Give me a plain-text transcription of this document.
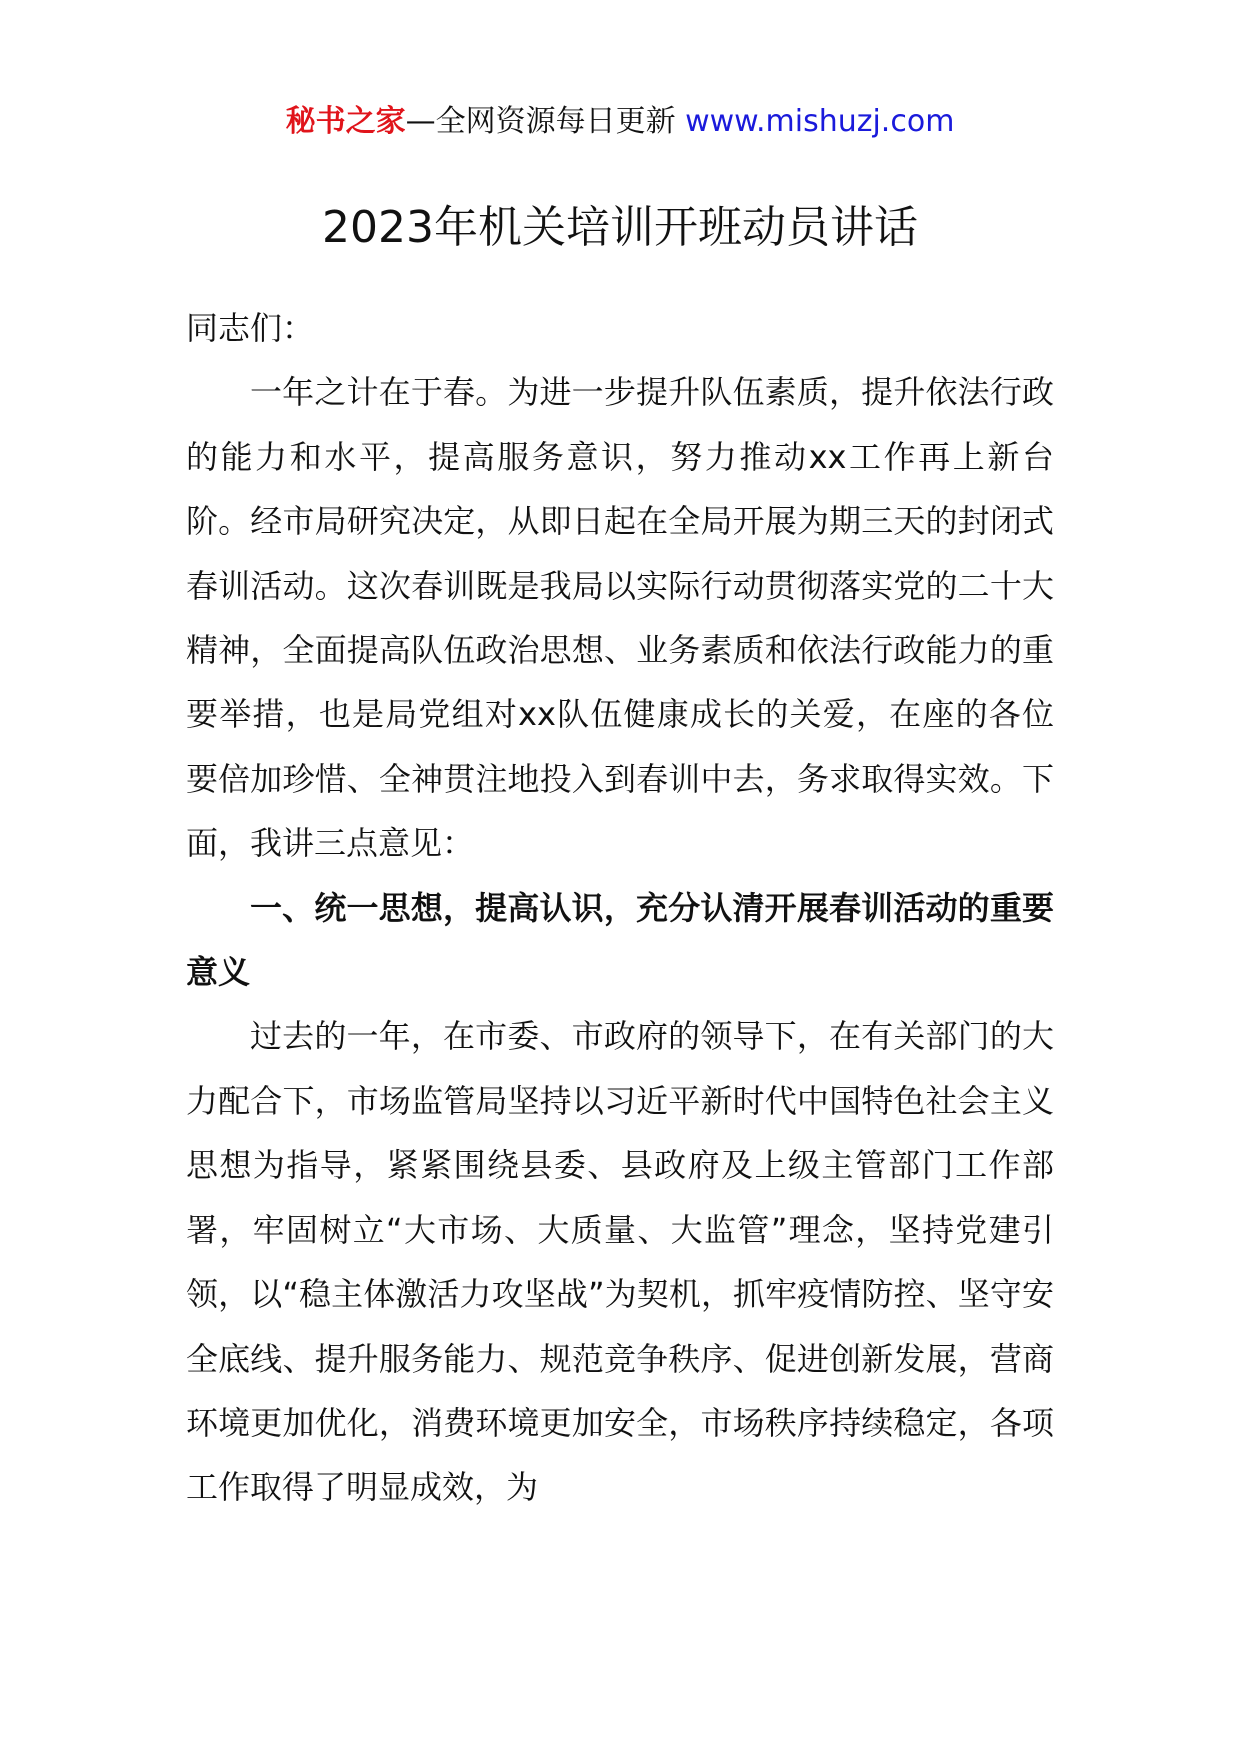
秘书之家—全网资源每日更新 www.mishuzj.com
2023年机关培训开班动员讲话

同志们：

一年之计在于春。为进一步提升队伍素质，提升依法行政的能力和水平，提高服务意识，努力推动xx工作再上新台阶。经市局研究决定，从即日起在全局开展为期三天的封闭式春训活动。这次春训既是我局以实际行动贯彻落实党的二十大精神，全面提高队伍政治思想、业务素质和依法行政能力的重要举措，也是局党组对xx队伍健康成长的关爱，在座的各位要倍加珍惜、全神贯注地投入到春训中去，务求取得实效。下面，我讲三点意见：

一、统一思想，提高认识，充分认清开展春训活动的重要意义

过去的一年，在市委、市政府的领导下，在有关部门的大力配合下，市场监管局坚持以习近平新时代中国特色社会主义思想为指导，紧紧围绕县委、县政府及上级主管部门工作部署，牢固树立“大市场、大质量、大监管”理念，坚持党建引领，以“稳主体激活力攻坚战”为契机，抓牢疫情防控、坚守安全底线、提升服务能力、规范竞争秩序、促进创新发展，营商环境更加优化，消费环境更加安全，市场秩序持续稳定，各项工作取得了明显成效，为
